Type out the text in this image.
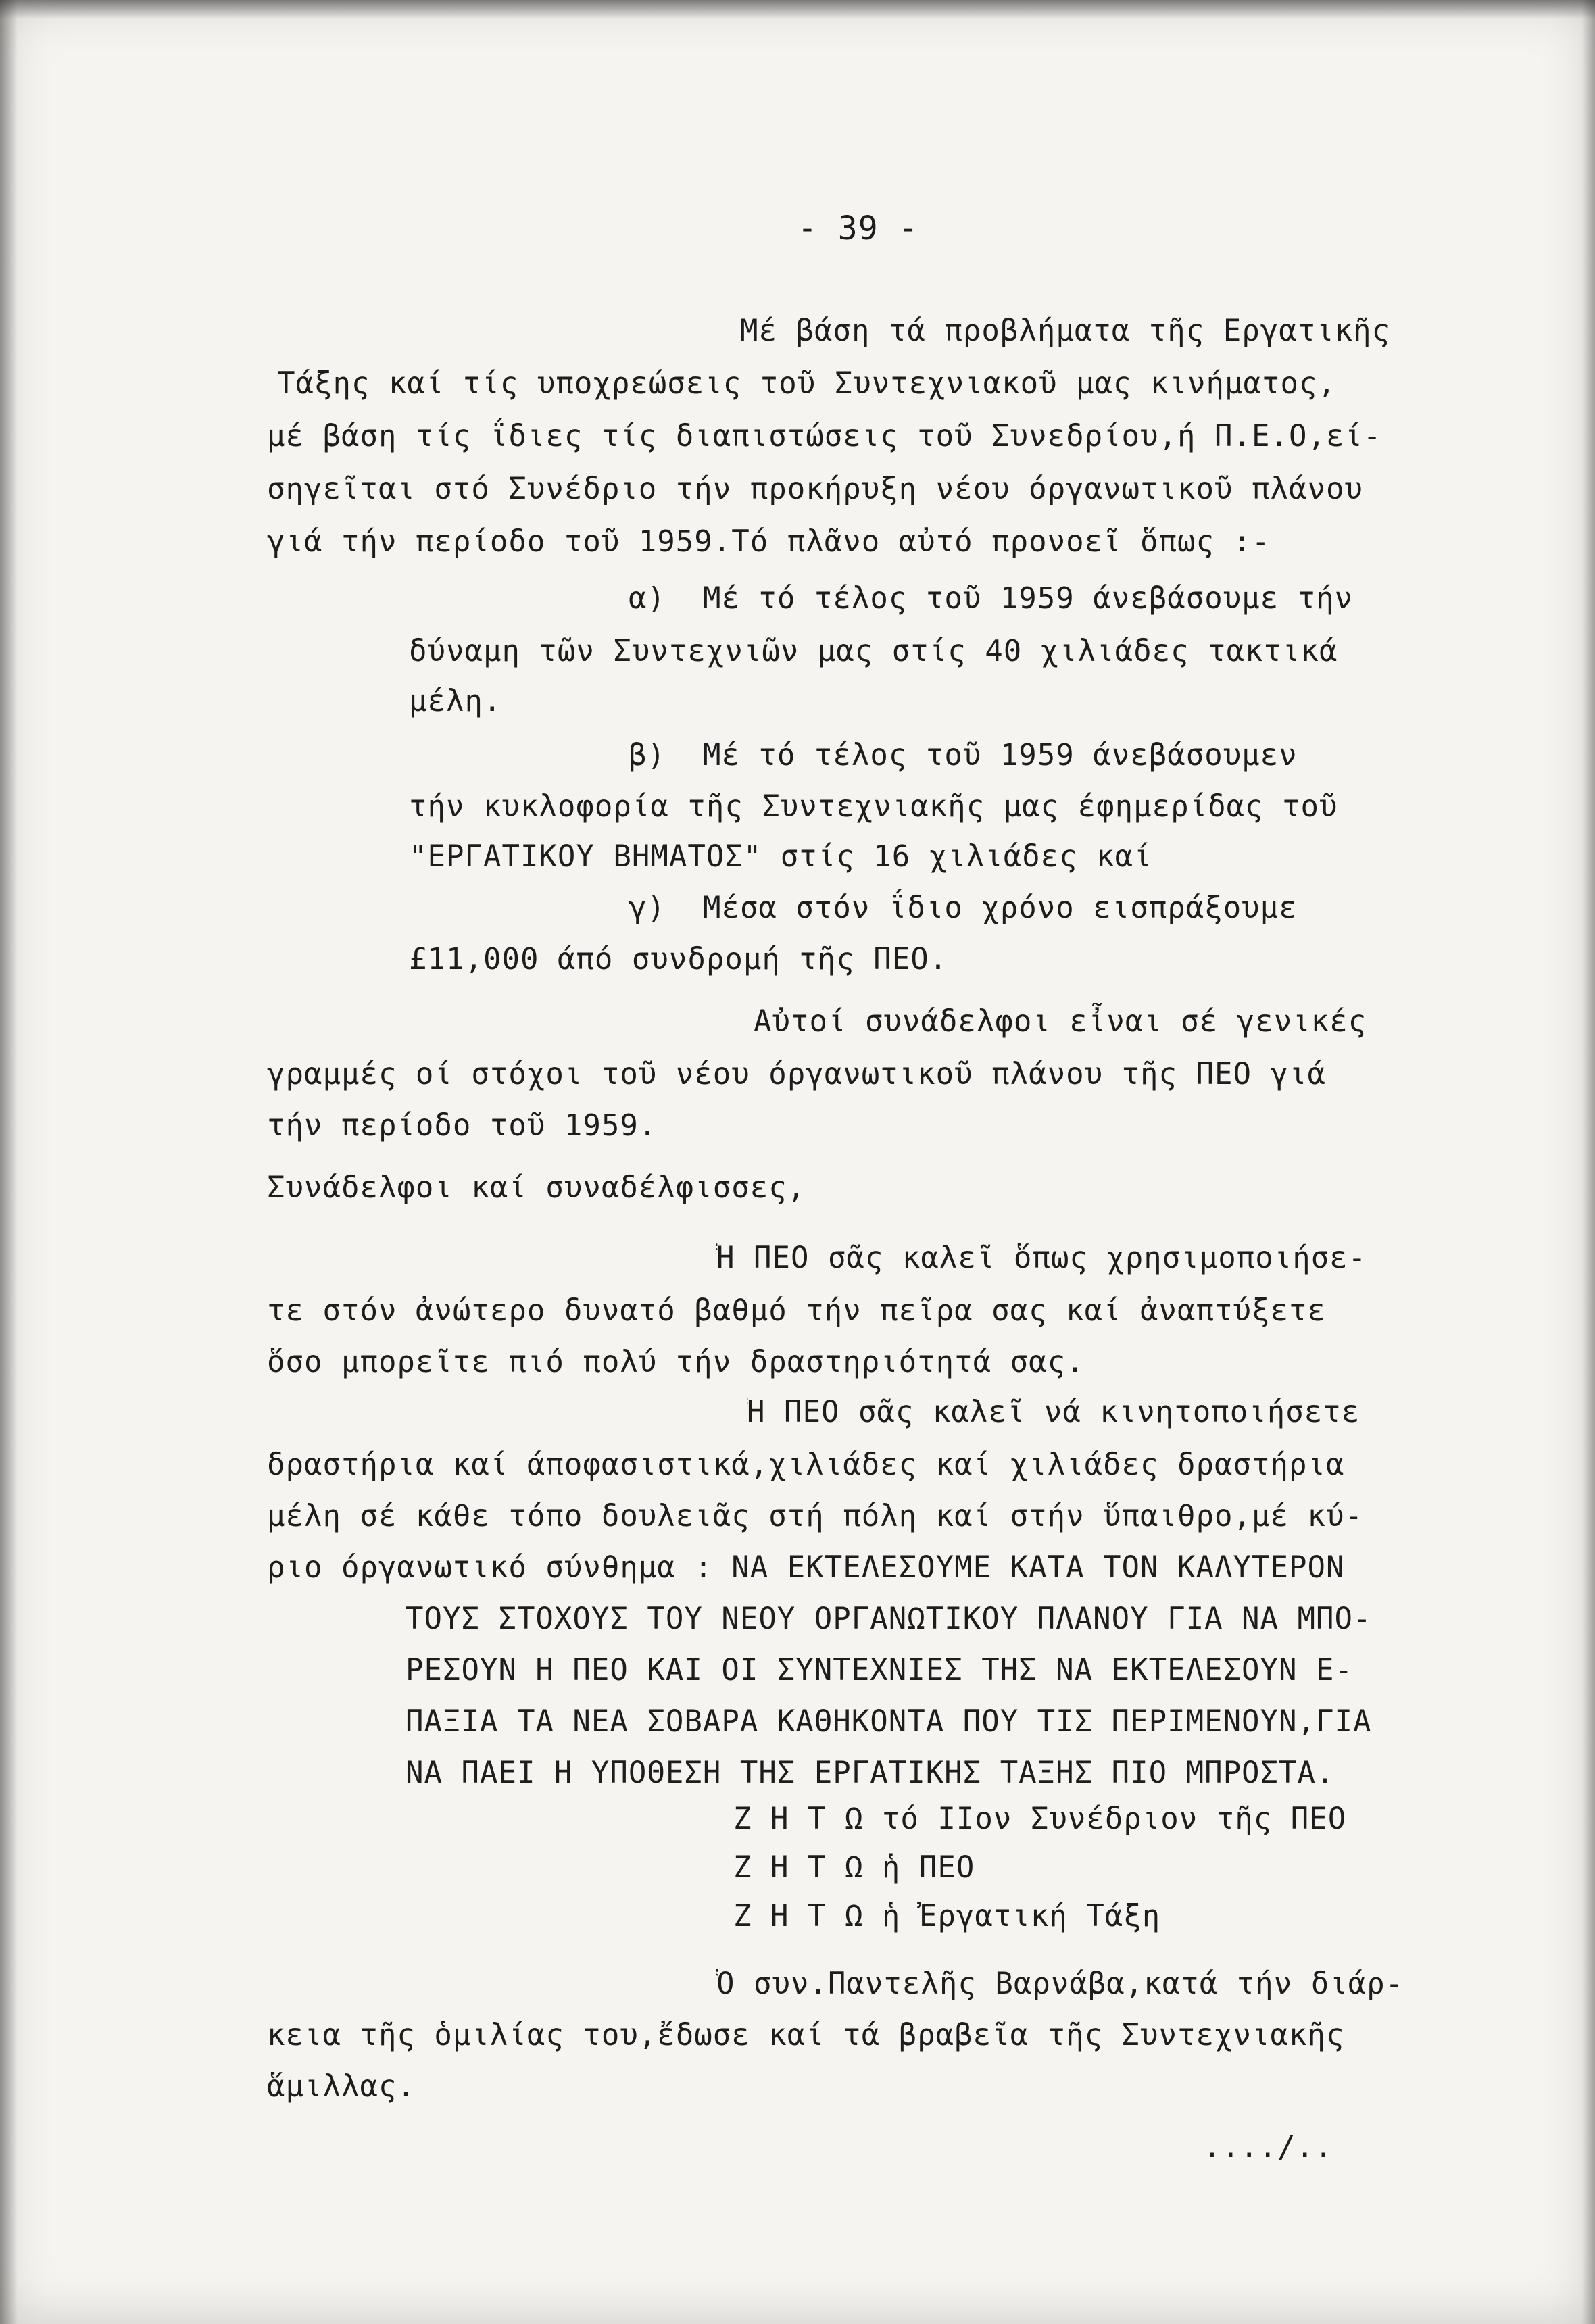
- 39 -
Μέ βάση τά προβλήματα τῆς Εργατικῆς
Τάξης καί τίς υποχρεώσεις τοῦ Συντεχνιακοῦ μας κινήματος,
μέ βάση τίς ΐδιες τίς διαπιστώσεις τοῦ Συνεδρίου,ή Π.Ε.Ο,εί-
σηγεῖται στό Συνέδριο τήν προκήρυξη νέου όργανωτικοῦ πλάνου
γιά τήν περίοδο τοῦ 1959.Τό πλᾶνο αὐτό προνοεῖ ὅπως :-
α)  Μέ τό τέλος τοῦ 1959 άνεβάσουμε τήν
δύναμη τῶν Συντεχνιῶν μας στίς 40 χιλιάδες τακτικά
μέλη.
β)  Μέ τό τέλος τοῦ 1959 άνεβάσουμεν
τήν κυκλοφορία τῆς Συντεχνιακῆς μας έφημερίδας τοῦ
"ΕΡΓΑΤΙΚΟΥ ΒΗΜΑΤΟΣ" στίς 16 χιλιάδες καί
γ)  Μέσα στόν ΐδιο χρόνο εισπράξουμε
£11,000 άπό συνδρομή τῆς ΠΕΟ.
Αὐτοί συνάδελφοι εἶναι σέ γενικές
γραμμές οί στόχοι τοῦ νέου όργανωτικοῦ πλάνου τῆς ΠΕΟ γιά
τήν περίοδο τοῦ 1959.
Συνάδελφοι καί συναδέλφισσες,
Ἡ ΠΕΟ σᾶς καλεῖ ὅπως χρησιμοποιήσε-
τε στόν ἀνώτερο δυνατό βαθμό τήν πεῖρα σας καί ἀναπτύξετε
ὅσο μπορεῖτε πιό πολύ τήν δραστηριότητά σας.
Ἡ ΠΕΟ σᾶς καλεῖ νά κινητοποιήσετε
δραστήρια καί άποφασιστικά,χιλιάδες καί χιλιάδες δραστήρια
μέλη σέ κάθε τόπο δουλειᾶς στή πόλη καί στήν ὕπαιθρο,μέ κύ-
ριο όργανωτικό σύνθημα : ΝΑ ΕΚΤΕΛΕΣΟΥΜΕ ΚΑΤΑ ΤΟΝ ΚΑΛΥΤΕΡΟΝ
ΤΟΥΣ ΣΤΟΧΟΥΣ ΤΟΥ ΝΕΟΥ ΟΡΓΑΝΩΤΙΚΟΥ ΠΛΑΝΟΥ ΓΙΑ ΝΑ ΜΠΟ-
ΡΕΣΟΥΝ Η ΠΕΟ ΚΑΙ ΟΙ ΣΥΝΤΕΧΝΙΕΣ ΤΗΣ ΝΑ ΕΚΤΕΛΕΣΟΥΝ Ε-
ΠΑΞΙΑ ΤΑ ΝΕΑ ΣΟΒΑΡΑ ΚΑΘΗΚΟΝΤΑ ΠΟΥ ΤΙΣ ΠΕΡΙΜΕΝΟΥΝ,ΓΙΑ
ΝΑ ΠΑΕΙ Η ΥΠΟΘΕΣΗ ΤΗΣ ΕΡΓΑΤΙΚΗΣ ΤΑΞΗΣ ΠΙΟ ΜΠΡΟΣΤΑ.
Ζ Η Τ Ω τό ΙΙον Συνέδριον τῆς ΠΕΟ
Ζ Η Τ Ω ἡ ΠΕΟ
Ζ Η Τ Ω ἡ Ἐργατική Τάξη
Ὁ συν.Παντελῆς Βαρνάβα,κατά τήν διάρ-
κεια τῆς ὁμιλίας του,ἔδωσε καί τά βραβεῖα τῆς Συντεχνιακῆς
ἅμιλλας.
..../..
